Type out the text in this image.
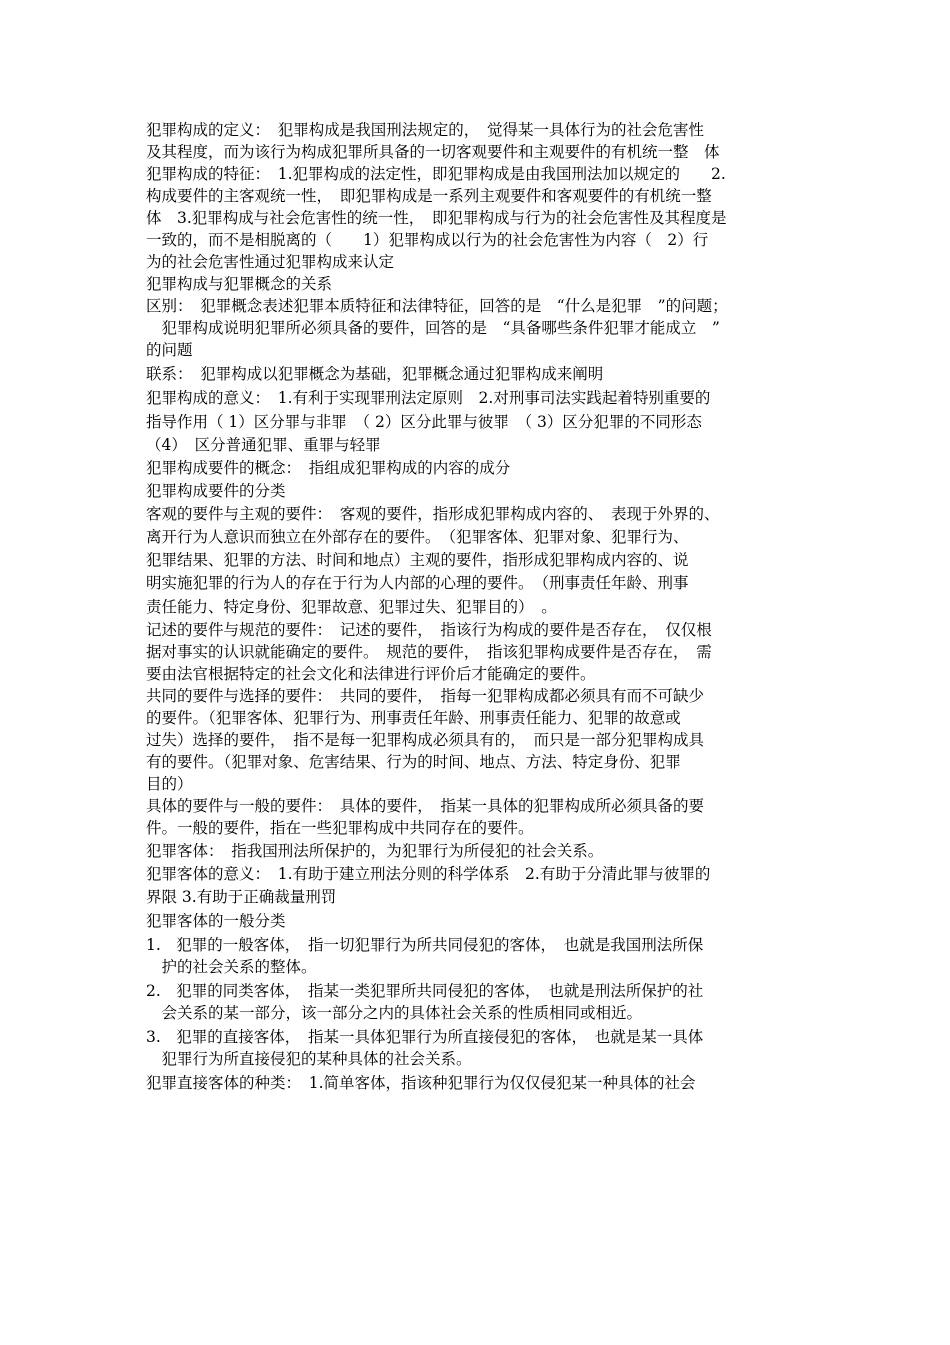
犯罪构成的定义：　犯罪构成是我国刑法规定的，　觉得某一具体行为的社会危害性
及其程度，而为该行为构成犯罪所具备的一切客观要件和主观要件的有机统一整　体
犯罪构成的特征：　1.犯罪构成的法定性，即犯罪构成是由我国刑法加以规定的　　2.
构成要件的主客观统一性，　即犯罪构成是一系列主观要件和客观要件的有机统一整
体　3.犯罪构成与社会危害性的统一性，　即犯罪构成与行为的社会危害性及其程度是
一致的，而不是相脱离的（　　1）犯罪构成以行为的社会危害性为内容（　2）行
为的社会危害性通过犯罪构成来认定
犯罪构成与犯罪概念的关系
区别：　犯罪概念表述犯罪本质特征和法律特征，回答的是　“什么是犯罪　”的问题；
　犯罪构成说明犯罪所必须具备的要件，回答的是　“具备哪些条件犯罪才能成立　”
的问题
联系：　犯罪构成以犯罪概念为基础，犯罪概念通过犯罪构成来阐明
犯罪构成的意义：　1.有利于实现罪刑法定原则　2.对刑事司法实践起着特别重要的
指导作用（ 1）区分罪与非罪　（ 2）区分此罪与彼罪　（ 3）区分犯罪的不同形态
（4）　区分普通犯罪、重罪与轻罪
犯罪构成要件的概念：　指组成犯罪构成的内容的成分
犯罪构成要件的分类
客观的要件与主观的要件：　客观的要件，指形成犯罪构成内容的、　表现于外界的、
离开行为人意识而独立在外部存在的要件。　（犯罪客体、犯罪对象、犯罪行为、
犯罪结果、犯罪的方法、时间和地点）主观的要件，指形成犯罪构成内容的、说
明实施犯罪的行为人的存在于行为人内部的心理的要件。　（刑事责任年龄、刑事
责任能力、特定身份、犯罪故意、犯罪过失、犯罪目的）　。
记述的要件与规范的要件：　记述的要件，　指该行为构成的要件是否存在，　仅仅根
据对事实的认识就能确定的要件。　规范的要件，　指该犯罪构成要件是否存在，　需
要由法官根据特定的社会文化和法律进行评价后才能确定的要件。
共同的要件与选择的要件：　共同的要件，　指每一犯罪构成都必须具有而不可缺少
的要件。（犯罪客体、犯罪行为、刑事责任年龄、刑事责任能力、犯罪的故意或
过失）选择的要件，　指不是每一犯罪构成必须具有的，　而只是一部分犯罪构成具
有的要件。（犯罪对象、危害结果、行为的时间、地点、方法、特定身份、犯罪
目的）
具体的要件与一般的要件：　具体的要件，　指某一具体的犯罪构成所必须具备的要
件。一般的要件，指在一些犯罪构成中共同存在的要件。
犯罪客体：　指我国刑法所保护的，为犯罪行为所侵犯的社会关系。
犯罪客体的意义：　1.有助于建立刑法分则的科学体系　2.有助于分清此罪与彼罪的
界限 3.有助于正确裁量刑罚
犯罪客体的一般分类
1.　犯罪的一般客体，　指一切犯罪行为所共同侵犯的客体，　也就是我国刑法所保
　护的社会关系的整体。
2.　犯罪的同类客体，　指某一类犯罪所共同侵犯的客体，　也就是刑法所保护的社
　会关系的某一部分，该一部分之内的具体社会关系的性质相同或相近。
3.　犯罪的直接客体，　指某一具体犯罪行为所直接侵犯的客体，　也就是某一具体
　犯罪行为所直接侵犯的某种具体的社会关系。
犯罪直接客体的种类：　1.简单客体，指该种犯罪行为仅仅侵犯某一种具体的社会
